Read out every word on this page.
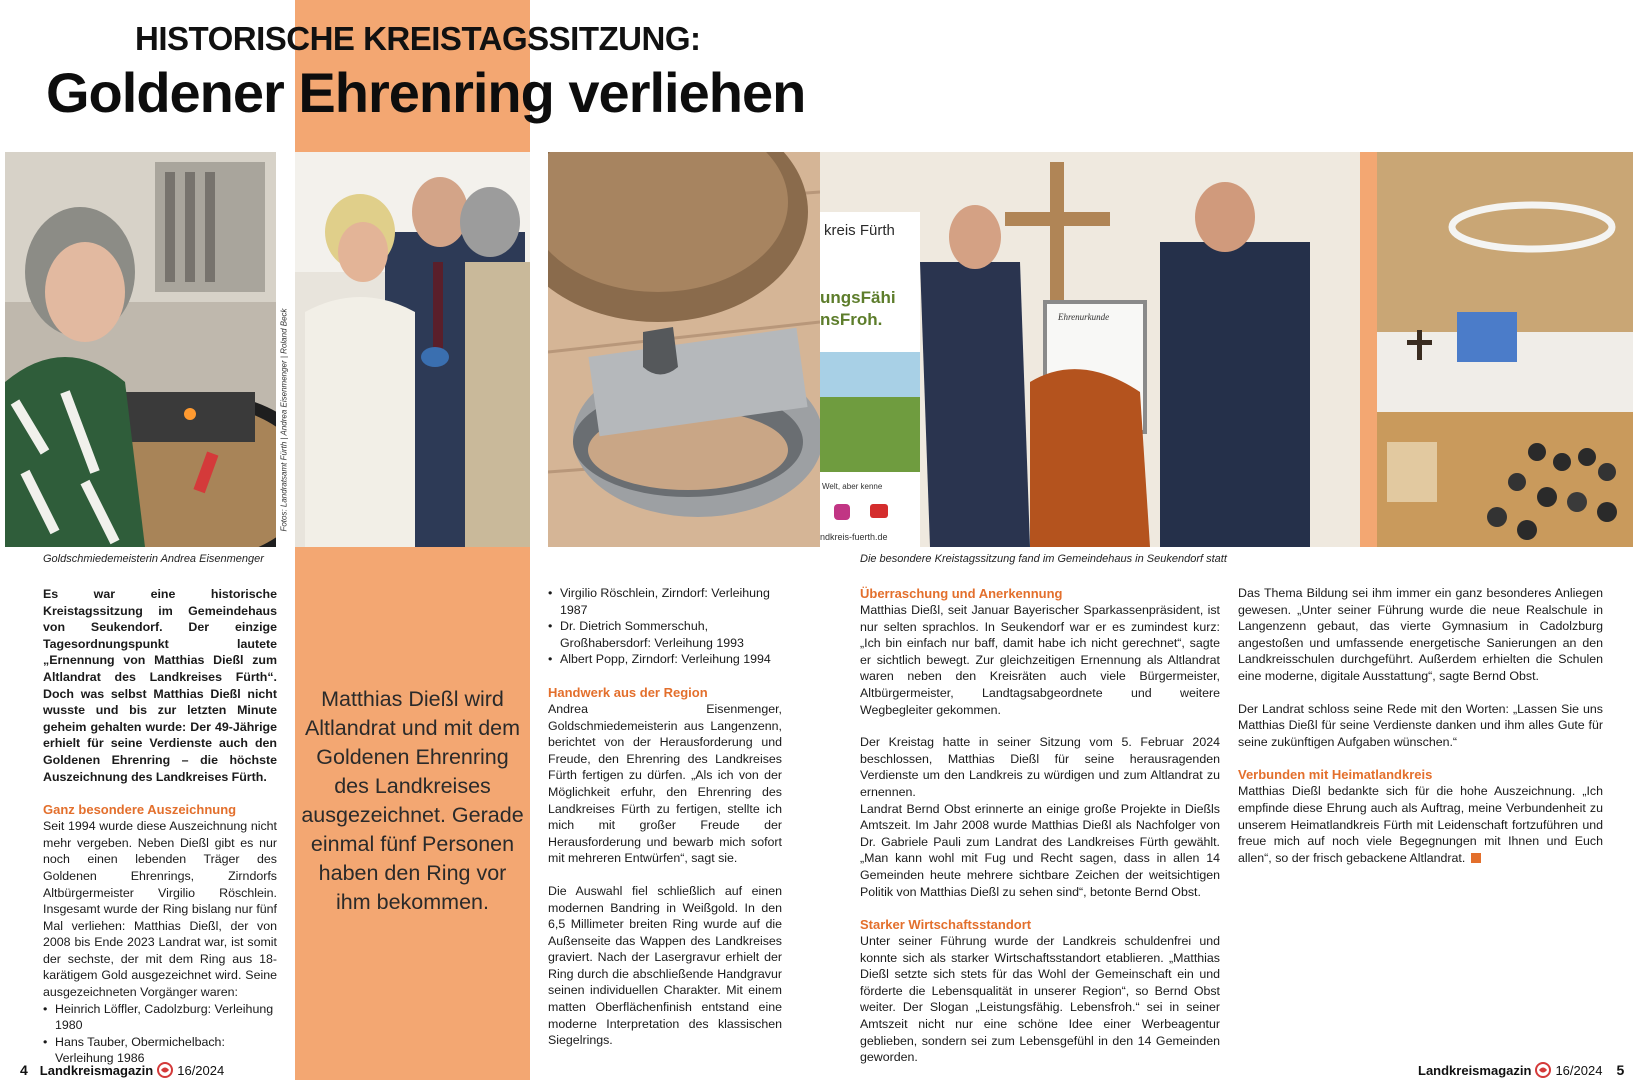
HISTORISCHE KREISTAGSSITZUNG:
Goldener Ehrenring verliehen
Fotos: Landratsamt Fürth | Andrea Eisenmenger | Roland Beck
kreis Fürth
ungsFähi
nsFroh.
Welt, aber kenne
ndkreis-fuerth.de
Ehrenurkunde
Goldschmiedemeisterin Andrea Eisenmenger	Die besondere Kreistagssitzung fand im Gemeindehaus in Seukendorf statt

Es war eine historische Kreistagssitzung im Gemeindehaus von Seukendorf. Der einzige Tagesordnungspunkt lautete „Ernennung von Matthias Dießl zum Altlandrat des Landkreises Fürth“. Doch was selbst Matthias Dießl nicht wusste und bis zur letzten Minute geheim gehalten wurde: Der 49-Jährige erhielt für seine Verdienste auch den Goldenen Ehrenring – die höchste Auszeichnung des Landkreises Fürth.

Ganz besondere Auszeichnung

Seit 1994 wurde diese Auszeichnung nicht mehr vergeben. Neben Dießl gibt es nur noch einen lebenden Träger des Goldenen Ehrenrings, Zirndorfs Altbürgermeister Virgilio Röschlein. Insgesamt wurde der Ring bislang nur fünf Mal verliehen: Matthias Dießl, der von 2008 bis Ende 2023 Landrat war, ist somit der sechste, der mit dem Ring aus 18-karätigem Gold ausgezeichnet wird. Seine ausgezeichneten Vorgänger waren:

• Heinrich Löffler, Cadolzburg: Verleihung 1980
• Hans Tauber, Obermichelbach: Verleihung 1986
Matthias Dießl wird Altlandrat und mit dem Goldenen Ehrenring des Landkreises ausgezeichnet. Gerade einmal fünf Personen haben den Ring vor ihm bekommen.
• Virgilio Röschlein, Zirndorf: Verleihung 1987
• Dr. Dietrich Sommerschuh, Großhabersdorf: Verleihung 1993
• Albert Popp, Zirndorf: Verleihung 1994
Handwerk aus der Region

Andrea Eisenmenger, Goldschmiedemeisterin aus Langenzenn, berichtet von der Herausforderung und Freude, den Ehrenring des Landkreises Fürth fertigen zu dürfen. „Als ich von der Möglichkeit erfuhr, den Ehrenring des Landkreises Fürth zu fertigen, stellte ich mich mit großer Freude der Herausforderung und bewarb mich sofort mit mehreren Entwürfen“, sagt sie.

Die Auswahl fiel schließlich auf einen modernen Bandring in Weißgold. In den 6,5 Millimeter breiten Ring wurde auf die Außenseite das Wappen des Landkreises graviert. Nach der Lasergravur erhielt der Ring durch die abschließende Handgravur seinen individuellen Charakter. Mit einem matten Oberflächenfinish entstand eine moderne Interpretation des klassischen Siegelrings.

Überraschung und Anerkennung

Matthias Dießl, seit Januar Bayerischer Sparkassenpräsident, ist nur selten sprachlos. In Seukendorf war er es zumindest kurz: „Ich bin einfach nur baff, damit habe ich nicht gerechnet“, sagte er sichtlich bewegt. Zur gleichzeitigen Ernennung als Altlandrat waren neben den Kreisräten auch viele Bürgermeister, Altbürgermeister, Landtagsabgeordnete und weitere Wegbegleiter gekommen.

Der Kreistag hatte in seiner Sitzung vom 5. Februar 2024 beschlossen, Matthias Dießl für seine herausragenden Verdienste um den Landkreis zu würdigen und zum Altlandrat zu ernennen.

Landrat Bernd Obst erinnerte an einige große Projekte in Dießls Amtszeit. Im Jahr 2008 wurde Matthias Dießl als Nachfolger von Dr. Gabriele Pauli zum Landrat des Landkreises Fürth gewählt. „Man kann wohl mit Fug und Recht sagen, dass in allen 14 Gemeinden heute mehrere sichtbare Zeichen der weitsichtigen Politik von Matthias Dießl zu sehen sind“, betonte Bernd Obst.

Starker Wirtschaftsstandort

Unter seiner Führung wurde der Landkreis schuldenfrei und konnte sich als starker Wirtschaftsstandort etablieren. „Matthias Dießl setzte sich stets für das Wohl der Gemeinschaft ein und förderte die Lebensqualität in unserer Region“, so Bernd Obst weiter. Der Slogan „Leistungsfähig. Lebensfroh.“ sei in seiner Amtszeit nicht nur eine schöne Idee einer Werbeagentur geblieben, sondern sei zum Lebensgefühl in den 14 Gemeinden geworden.

Das Thema Bildung sei ihm immer ein ganz besonderes Anliegen gewesen. „Unter seiner Führung wurde die neue Realschule in Langenzenn gebaut, das vierte Gymnasium in Cadolzburg angestoßen und umfassende energetische Sanierungen an den Landkreisschulen durchgeführt. Außerdem erhielten die Schulen eine moderne, digitale Ausstattung“, sagte Bernd Obst.

Der Landrat schloss seine Rede mit den Worten: „Lassen Sie uns Matthias Dießl für seine Verdienste danken und ihm alles Gute für seine zukünftigen Aufgaben wünschen.“

Verbunden mit Heimatlandkreis

Matthias Dießl bedankte sich für die hohe Auszeichnung. „Ich empfinde diese Ehrung auch als Auftrag, meine Verbundenheit zu unserem Heimatlandkreis Fürth mit Leidenschaft fortzuführen und freue mich auf noch viele Begegnungen mit Ihnen und Euch allen“, so der frisch gebackene Altlandrat.

4 Landkreismagazin 16/2024	Landkreismagazin 16/2024 5
